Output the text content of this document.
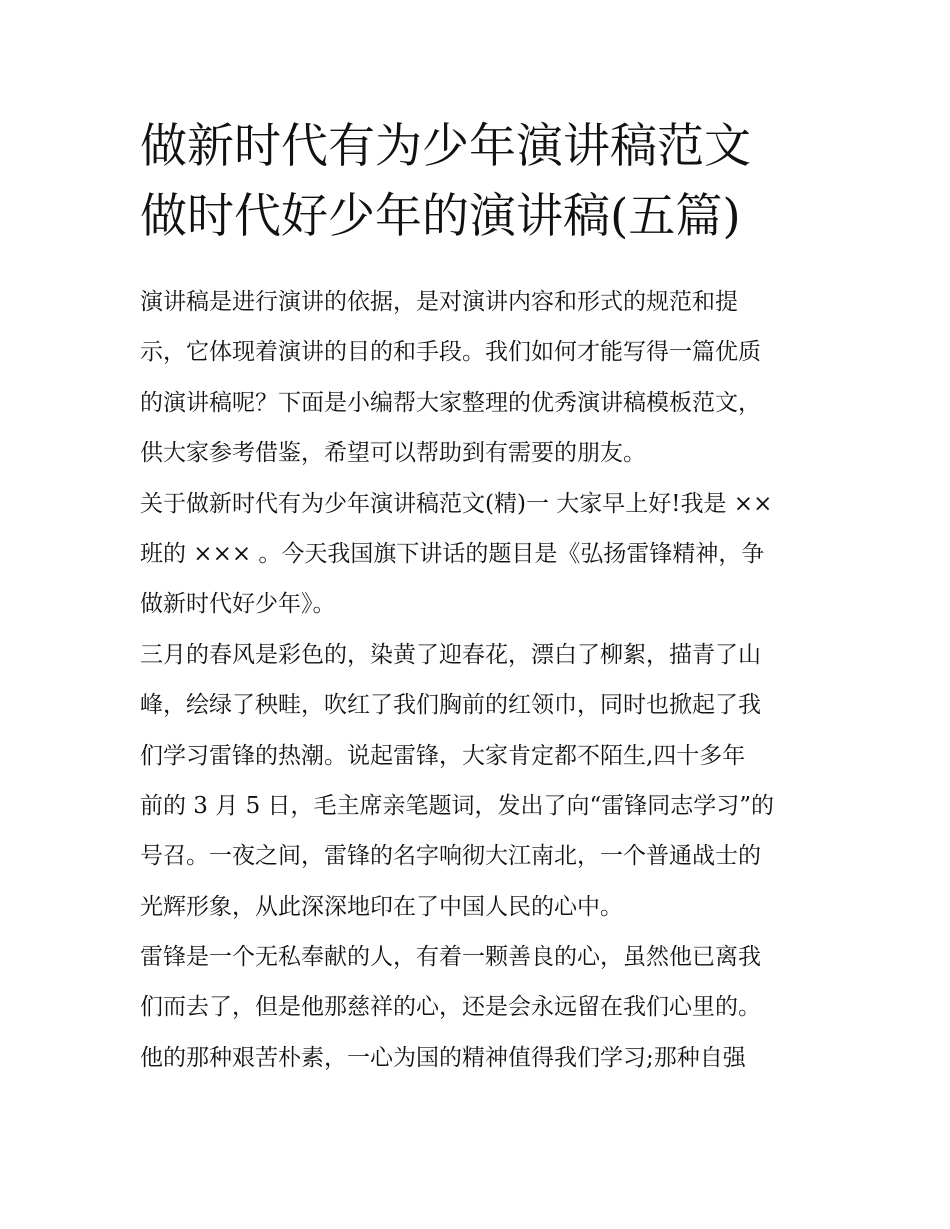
做新时代有为少年演讲稿范文
做时代好少年的演讲稿(五篇)

演讲稿是进行演讲的依据，是对演讲内容和形式的规范和提
示，它体现着演讲的目的和手段。我们如何才能写得一篇优质
的演讲稿呢？下面是小编帮大家整理的优秀演讲稿模板范文，
供大家参考借鉴，希望可以帮助到有需要的朋友。

关于做新时代有为少年演讲稿范文(精)一 大家早上好!我是 ××
班的 ××× 。今天我国旗下讲话的题目是《弘扬雷锋精神，争
做新时代好少年》。

三月的春风是彩色的，染黄了迎春花，漂白了柳絮，描青了山
峰，绘绿了秧畦，吹红了我们胸前的红领巾，同时也掀起了我
们学习雷锋的热潮。说起雷锋，大家肯定都不陌生,四十多年
前的 3 月 5 日，毛主席亲笔题词，发出了向“雷锋同志学习”的
号召。一夜之间，雷锋的名字响彻大江南北，一个普通战士的
光辉形象，从此深深地印在了中国人民的心中。

雷锋是一个无私奉献的人，有着一颗善良的心，虽然他已离我
们而去了，但是他那慈祥的心，还是会永远留在我们心里的。
他的那种艰苦朴素，一心为国的精神值得我们学习;那种自强
